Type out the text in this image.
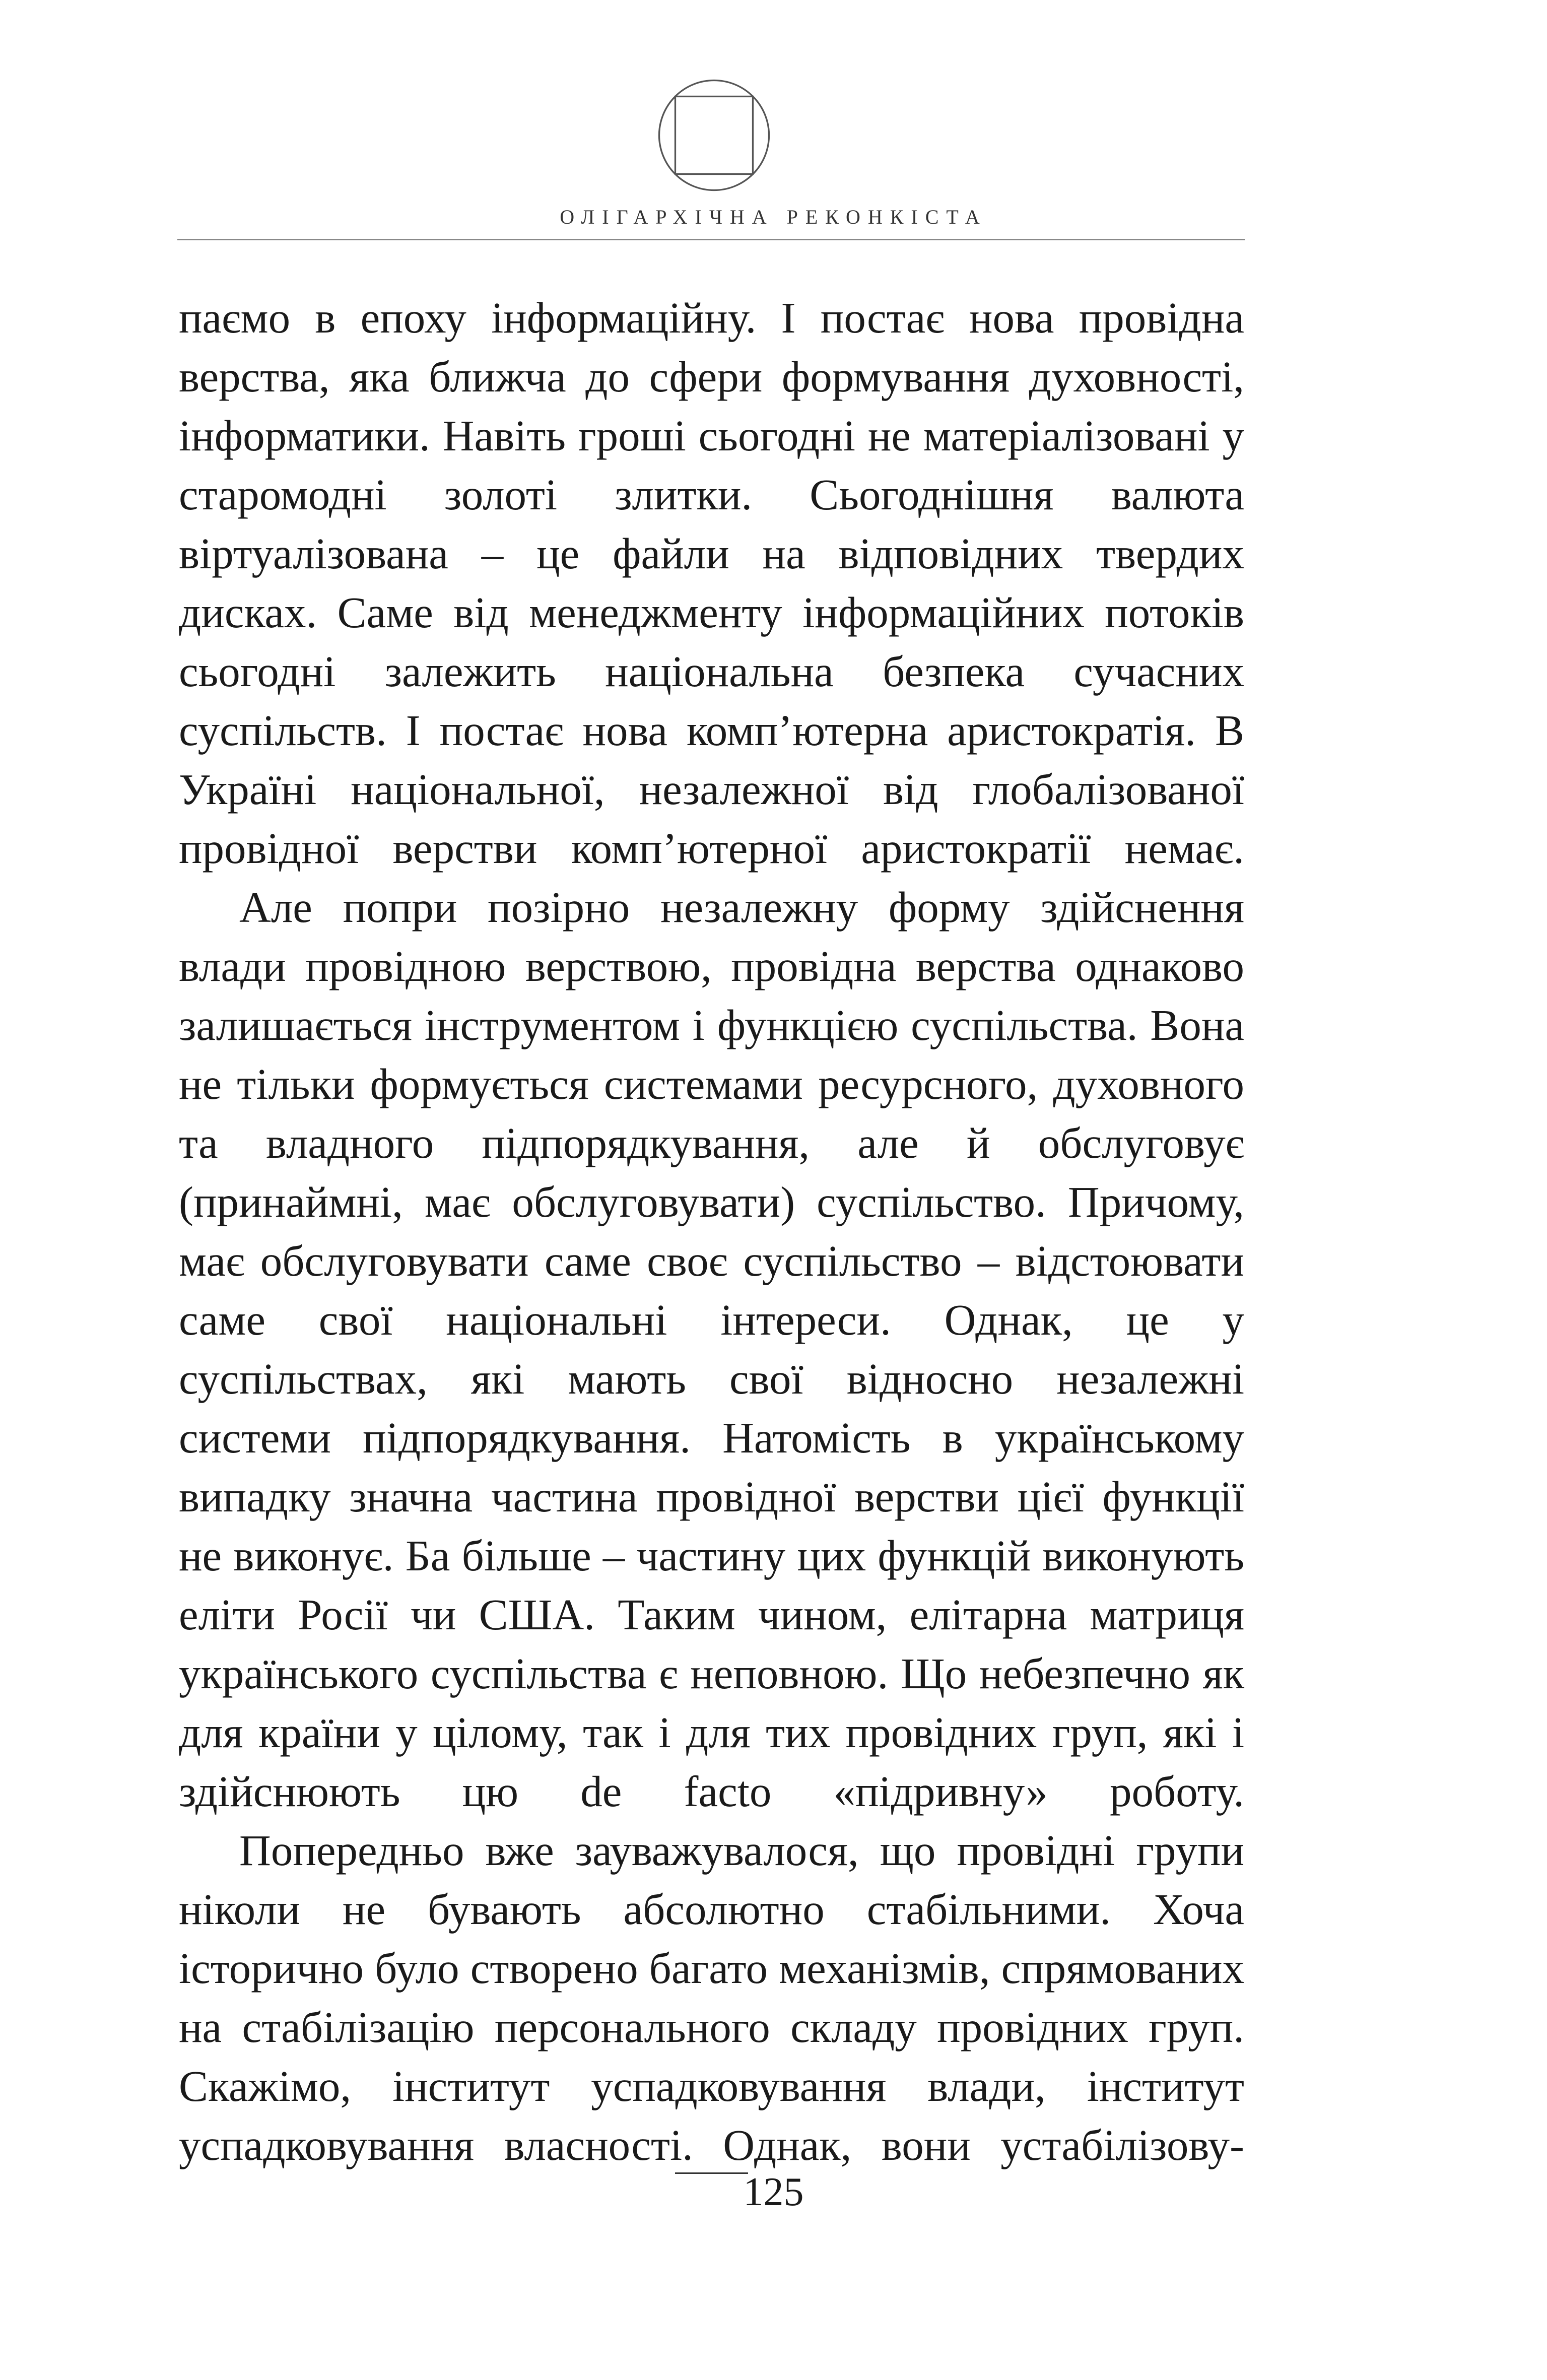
ОЛІГАРХІЧНА РЕКОНКІСТА

паємо в епоху інформаційну. І постає нова провідна верства, яка ближча до сфери формування духовності, інформатики. Навіть гроші сьогодні не матеріалізовані у старомодні золоті злитки. Сьогоднішня валюта віртуалізована – це файли на відповідних твердих дисках. Саме від менеджменту інформаційних потоків сьогодні залежить національна безпека сучасних суспільств. І постає нова комп’ютерна аристократія. В Україні національної, незалежної від глобалізованої провідної верстви комп’ютерної аристократії немає.

Але попри позірно незалежну форму здійснення влади провідною верствою, провідна верства однаково залишається інструментом і функцією суспільства. Вона не тільки формується системами ресурсного, духовного та владного підпорядкування, але й обслуговує (принаймні, має обслуговувати) суспільство. Причому, має обслуговувати саме своє суспільство – відстоювати саме свої національні інтереси. Однак, це у суспільствах, які мають свої відносно незалежні системи підпорядкування. Натомість в українському випадку значна частина провідної верстви цієї функції не виконує. Ба більше – частину цих функцій виконують еліти Росії чи США. Таким чином, елітарна матриця українського суспільства є неповною. Що небезпечно як для країни у цілому, так і для тих провідних груп, які і здійснюють цю de facto «підривну» роботу.

Попередньо вже зауважувалося, що провідні групи ніколи не бувають абсолютно стабільними. Хоча історично було створено багато механізмів, спрямованих на стабілізацію персонального складу провідних груп. Скажімо, інститут успадковування влади, інститут успадковування власності. Однак, вони устабілізову-

125
